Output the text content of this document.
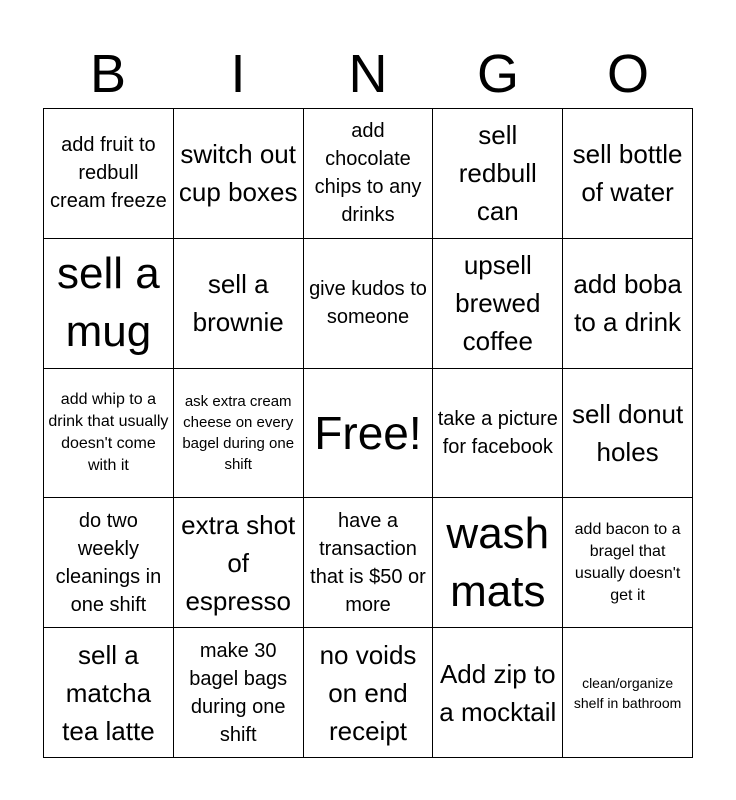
B	I	N	G	O
add fruit to redbull cream freeze
switch out cup boxes
add chocolate chips to any drinks
sell redbull can
sell bottle of water
sell a mug
sell a brownie
give kudos to someone
upsell brewed coffee
add boba to a drink
add whip to a drink that usually doesn't come with it
ask extra cream cheese on every bagel during one shift
Free! take a picture for facebook
sell donut holes
do two weekly cleanings in one shift
extra shot of espresso
have a transaction that is $50 or more
wash mats
add bacon to a bragel that usually doesn't get it
sell a matcha tea latte
make 30 bagel bags during one shift
no voids on end receipt
Add zip to a mocktail
clean/organize shelf in bathroom
